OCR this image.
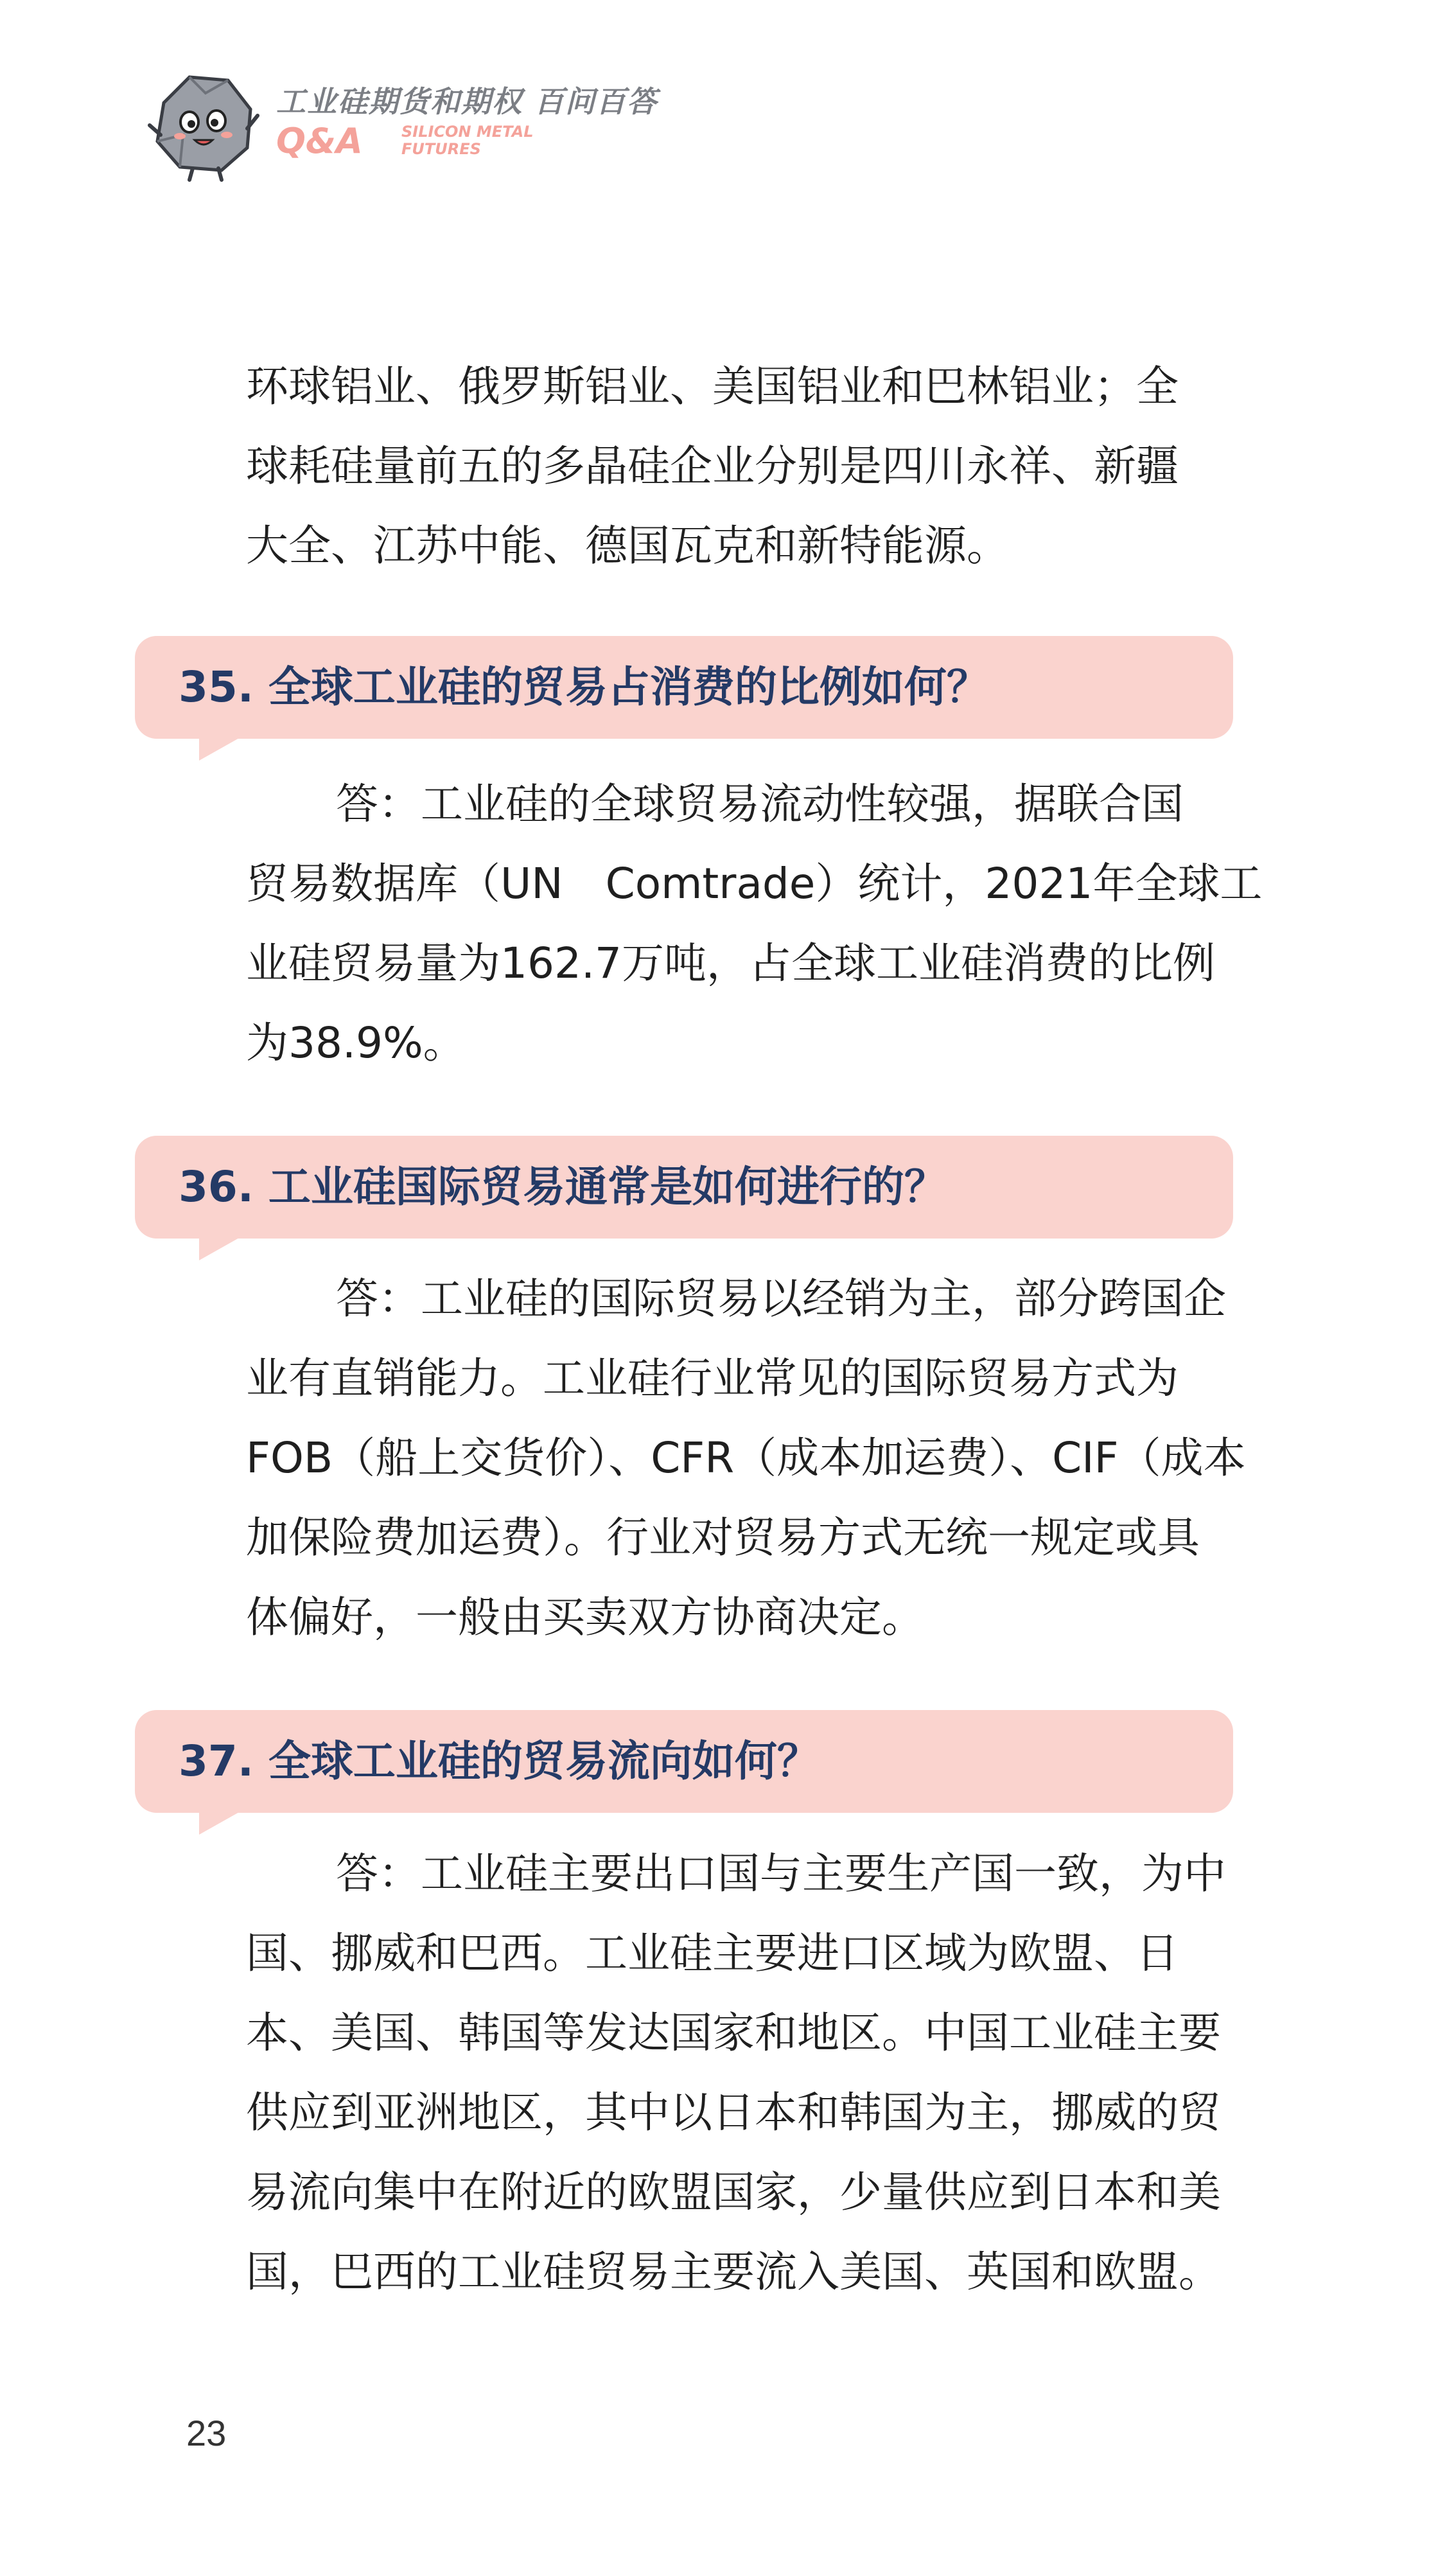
工业硅期货和期权 百问百答
Q&A	SILICON METAL
FUTURES

环球铝业、俄罗斯铝业、美国铝业和巴林铝业；全
球耗硅量前五的多晶硅企业分别是四川永祥、新疆
大全、江苏中能、德国瓦克和新特能源。

35. 全球工业硅的贸易占消费的比例如何？

答：工业硅的全球贸易流动性较强，据联合国
贸易数据库（UN　Comtrade）统计，2021年全球工
业硅贸易量为162.7万吨，占全球工业硅消费的比例
为38.9%。

36. 工业硅国际贸易通常是如何进行的？

答：工业硅的国际贸易以经销为主，部分跨国企
业有直销能力。工业硅行业常见的国际贸易方式为
FOB（船上交货价）、CFR（成本加运费）、CIF（成本
加保险费加运费）。行业对贸易方式无统一规定或具
体偏好，一般由买卖双方协商决定。

37. 全球工业硅的贸易流向如何？

答：工业硅主要出口国与主要生产国一致，为中
国、挪威和巴西。工业硅主要进口区域为欧盟、日
本、美国、韩国等发达国家和地区。中国工业硅主要
供应到亚洲地区，其中以日本和韩国为主，挪威的贸
易流向集中在附近的欧盟国家，少量供应到日本和美
国，巴西的工业硅贸易主要流入美国、英国和欧盟。

23
